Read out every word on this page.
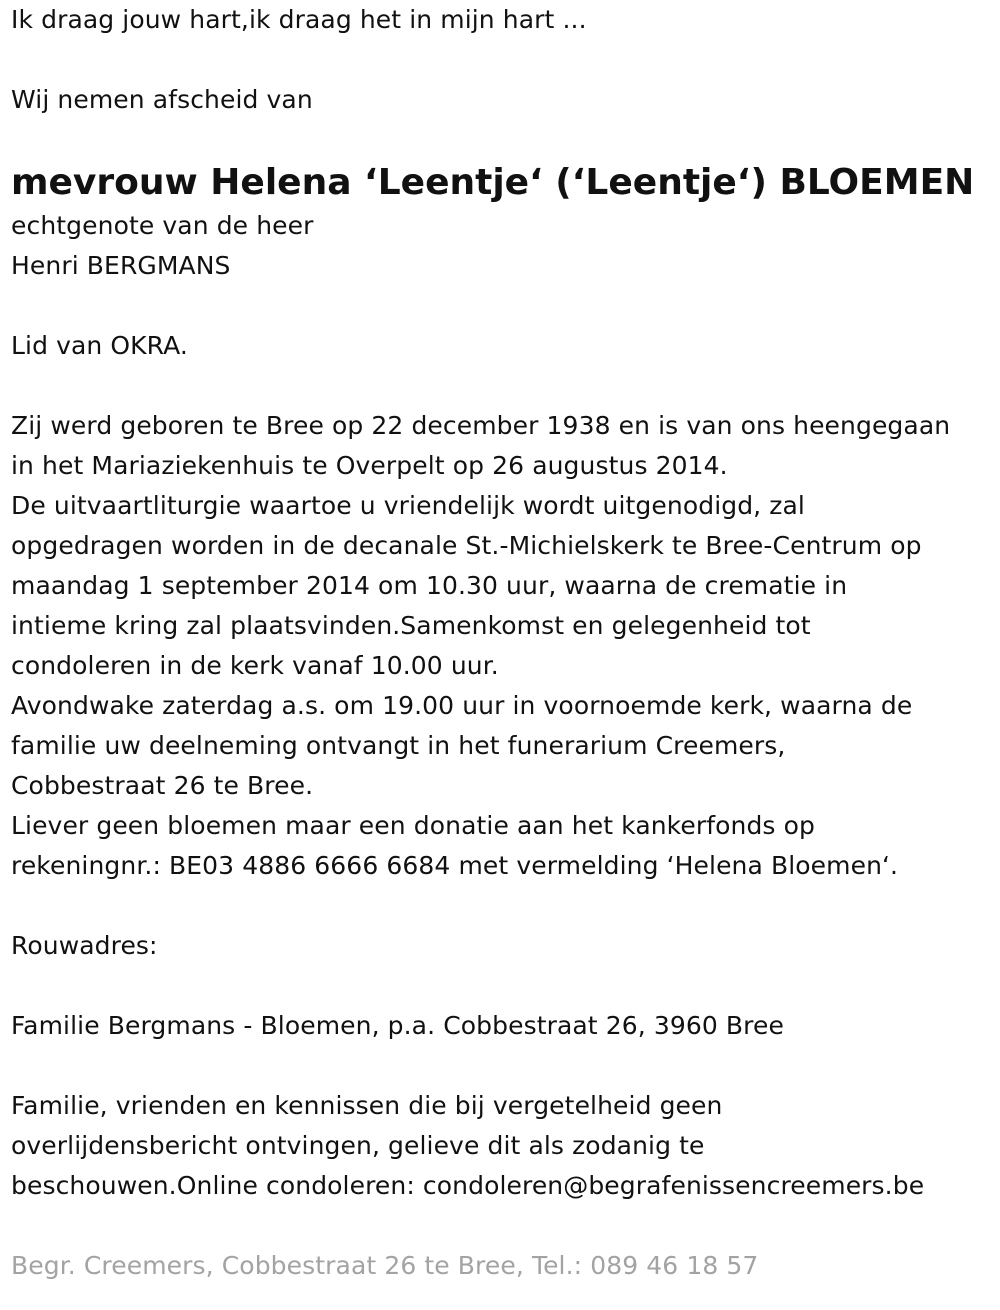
Ik draag jouw hart,ik draag het in mijn hart ...
Wij nemen afscheid van
mevrouw Helena ‘Leentje‘ (‘Leentje‘) BLOEMEN
echtgenote van de heer
Henri BERGMANS
Lid van OKRA.
Zij werd geboren te Bree op 22 december 1938 en is van ons heengegaan
in het Mariaziekenhuis te Overpelt op 26 augustus 2014.
De uitvaartliturgie waartoe u vriendelijk wordt uitgenodigd, zal
opgedragen worden in de decanale St.-Michielskerk te Bree-Centrum op
maandag 1 september 2014 om 10.30 uur, waarna de crematie in
intieme kring zal plaatsvinden.Samenkomst en gelegenheid tot
condoleren in de kerk vanaf 10.00 uur.
Avondwake zaterdag a.s. om 19.00 uur in voornoemde kerk, waarna de
familie uw deelneming ontvangt in het funerarium Creemers,
Cobbestraat 26 te Bree.
Liever geen bloemen maar een donatie aan het kankerfonds op
rekeningnr.: BE03 4886 6666 6684 met vermelding ‘Helena Bloemen‘.
Rouwadres:
Familie Bergmans - Bloemen, p.a. Cobbestraat 26, 3960 Bree
Familie, vrienden en kennissen die bij vergetelheid geen
overlijdensbericht ontvingen, gelieve dit als zodanig te
beschouwen.Online condoleren: condoleren@begrafenissencreemers.be
Begr. Creemers, Cobbestraat 26 te Bree, Tel.: 089 46 18 57
